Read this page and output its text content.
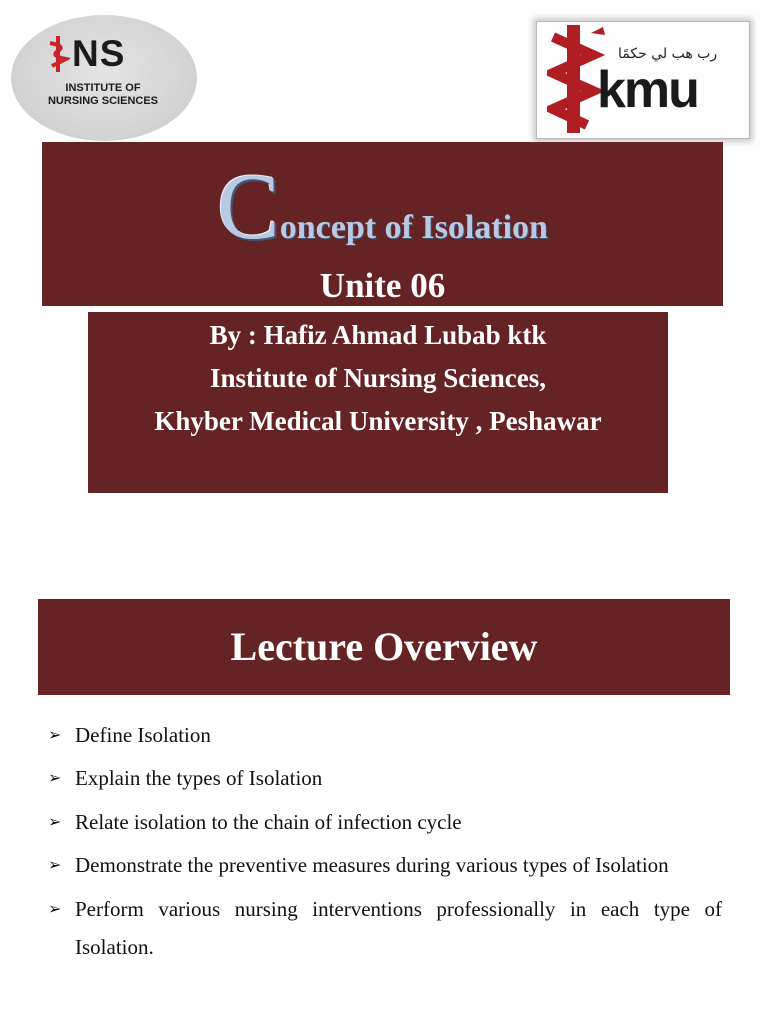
NS
INSTITUTE OF
NURSING SCIENCES
رب هب لي حكمًا
kmu
Concept of Isolation
Unite 06
By : Hafiz Ahmad Lubab ktk
Institute of Nursing Sciences,
Khyber Medical University , Peshawar
Lecture Overview
➢ Define Isolation
➢ Explain the types of Isolation
➢ Relate isolation to the chain of infection cycle
➢ Demonstrate the preventive measures during various types of Isolation
➢ Perform various nursing interventions professionally in each type of
Isolation.
